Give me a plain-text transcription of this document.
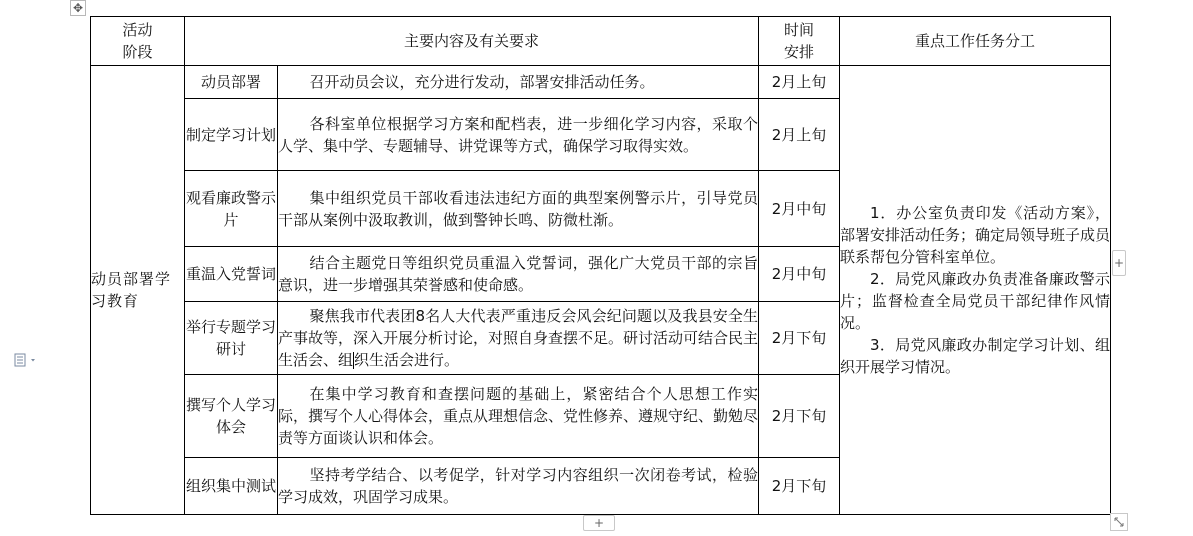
✥
活动阶段	主要内容及有关要求		时间安排	重点工作任务分工
动员部署学习教育	动员部署	召开动员会议，充分进行发动，部署安排活动任务。	2月上旬	1．办公室负责印发《活动方案》，部署安排活动任务；确定局领导班子成员联系帮包分管科室单位。

2．局党风廉政办负责准备廉政警示片；监督检查全局党员干部纪律作风情况。

3．局党风廉政办制定学习计划、组织开展学习情况。

	制定学习计划	各科室单位根据学习方案和配档表，进一步细化学习内容，采取个人学、集中学、专题辅导、讲党课等方式，确保学习取得实效。	2月上旬	
	观看廉政警示片	集中组织党员干部收看违法违纪方面的典型案例警示片，引导党员干部从案例中汲取教训，做到警钟长鸣、防微杜渐。	2月中旬	
	重温入党誓词	结合主题党日等组织党员重温入党誓词，强化广大党员干部的宗旨意识，进一步增强其荣誉感和使命感。	2月中旬	
	举行专题学习研讨	聚焦我市代表团8名人大代表严重违反会风会纪问题以及我县安全生产事故等，深入开展分析讨论，对照自身查摆不足。研讨活动可结合民主生活会、组织生活会进行。	2月下旬	
	撰写个人学习体会	在集中学习教育和查摆问题的基础上，紧密结合个人思想工作实际，撰写个人心得体会，重点从理想信念、党性修养、遵规守纪、勤勉尽责等方面谈认识和体会。	2月下旬	
	组织集中测试	坚持考学结合、以考促学，针对学习内容组织一次闭卷考试，检验学习成效，巩固学习成果。	2月下旬	
+
+
